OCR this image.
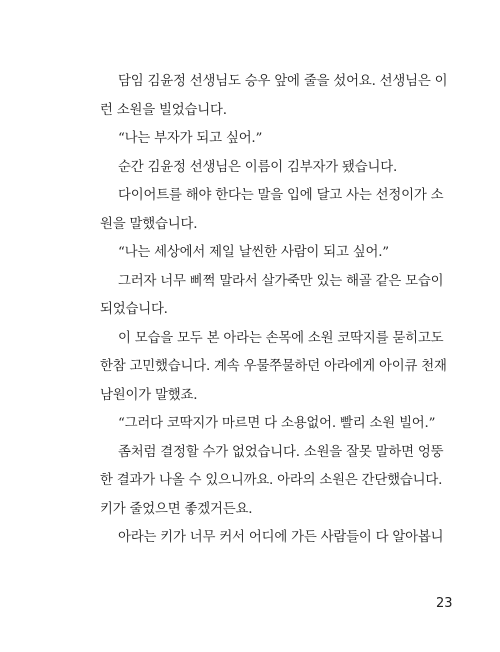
담임 김윤정 선생님도 승우 앞에 줄을 섰어요. 선생님은 이
런 소원을 빌었습니다.
“나는 부자가 되고 싶어.”
순간 김윤정 선생님은 이름이 김부자가 됐습니다.
다이어트를 해야 한다는 말을 입에 달고 사는 선정이가 소
원을 말했습니다.
“나는 세상에서 제일 날씬한 사람이 되고 싶어.”
그러자 너무 삐쩍 말라서 살가죽만 있는 해골 같은 모습이
되었습니다.
이 모습을 모두 본 아라는 손목에 소원 코딱지를 묻히고도
한참 고민했습니다. 계속 우물쭈물하던 아라에게 아이큐 천재
남원이가 말했죠.
“그러다 코딱지가 마르면 다 소용없어. 빨리 소원 빌어.”
좀처럼 결정할 수가 없었습니다. 소원을 잘못 말하면 엉뚱
한 결과가 나올 수 있으니까요. 아라의 소원은 간단했습니다.
키가 줄었으면 좋겠거든요.
아라는 키가 너무 커서 어디에 가든 사람들이 다 알아봅니
23
